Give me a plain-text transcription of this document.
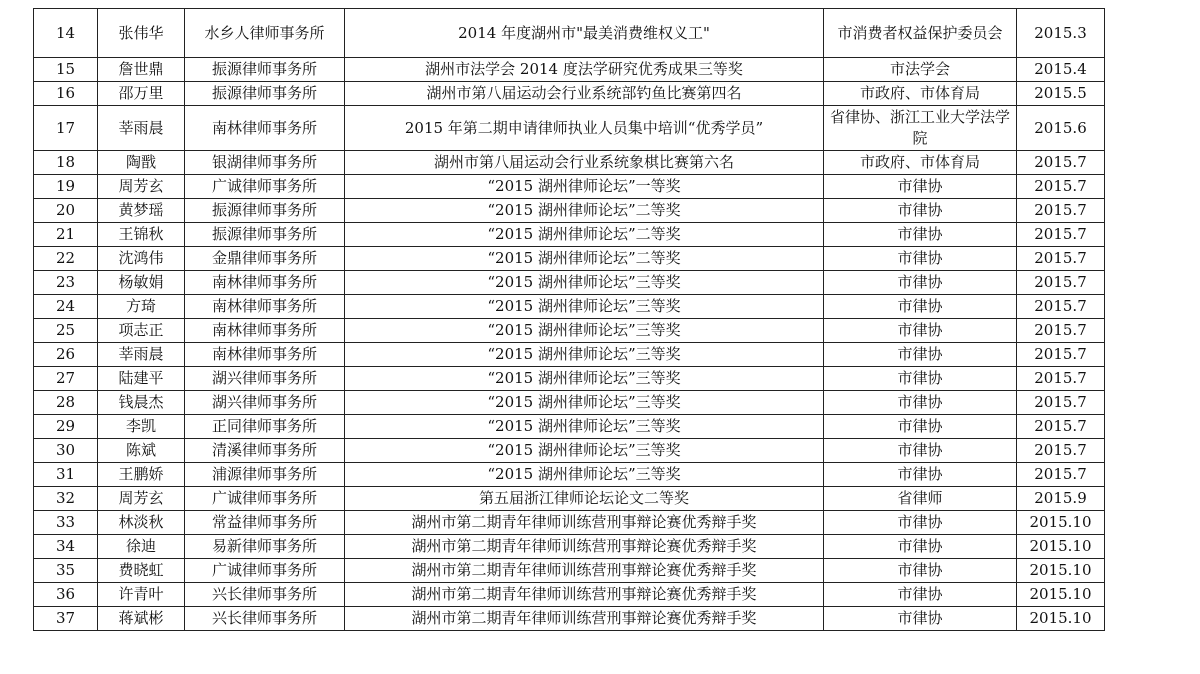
14	张伟华	水乡人律师事务所	2014 年度湖州市"最美消费维权义工"	市消费者权益保护委员会	2015.3
15	詹世鼎	振源律师事务所	湖州市法学会 2014 度法学研究优秀成果三等奖	市法学会	2015.4
16	邵万里	振源律师事务所	湖州市第八届运动会行业系统部钓鱼比赛第四名	市政府、市体育局	2015.5
17	莘雨晨	南林律师事务所	2015 年第二期申请律师执业人员集中培训“优秀学员”	省律协、浙江工业大学法学院	2015.6
18	陶戬	银湖律师事务所	湖州市第八届运动会行业系统象棋比赛第六名	市政府、市体育局	2015.7
19	周芳玄	广诚律师事务所	“2015 湖州律师论坛”一等奖	市律协	2015.7
20	黄梦瑶	振源律师事务所	“2015 湖州律师论坛”二等奖	市律协	2015.7
21	王锦秋	振源律师事务所	“2015 湖州律师论坛”二等奖	市律协	2015.7
22	沈鸿伟	金鼎律师事务所	“2015 湖州律师论坛”二等奖	市律协	2015.7
23	杨敏娟	南林律师事务所	“2015 湖州律师论坛”三等奖	市律协	2015.7
24	方琦	南林律师事务所	“2015 湖州律师论坛”三等奖	市律协	2015.7
25	项志正	南林律师事务所	“2015 湖州律师论坛”三等奖	市律协	2015.7
26	莘雨晨	南林律师事务所	“2015 湖州律师论坛”三等奖	市律协	2015.7
27	陆建平	湖兴律师事务所	“2015 湖州律师论坛”三等奖	市律协	2015.7
28	钱晨杰	湖兴律师事务所	“2015 湖州律师论坛”三等奖	市律协	2015.7
29	李凯	正同律师事务所	“2015 湖州律师论坛”三等奖	市律协	2015.7
30	陈斌	清溪律师事务所	“2015 湖州律师论坛”三等奖	市律协	2015.7
31	王鹏娇	浦源律师事务所	“2015 湖州律师论坛”三等奖	市律协	2015.7
32	周芳玄	广诚律师事务所	第五届浙江律师论坛论文二等奖	省律师	2015.9
33	林淡秋	常益律师事务所	湖州市第二期青年律师训练营刑事辩论赛优秀辩手奖	市律协	2015.10
34	徐迪	易新律师事务所	湖州市第二期青年律师训练营刑事辩论赛优秀辩手奖	市律协	2015.10
35	费晓虹	广诚律师事务所	湖州市第二期青年律师训练营刑事辩论赛优秀辩手奖	市律协	2015.10
36	许青叶	兴长律师事务所	湖州市第二期青年律师训练营刑事辩论赛优秀辩手奖	市律协	2015.10
37	蒋斌彬	兴长律师事务所	湖州市第二期青年律师训练营刑事辩论赛优秀辩手奖	市律协	2015.10
